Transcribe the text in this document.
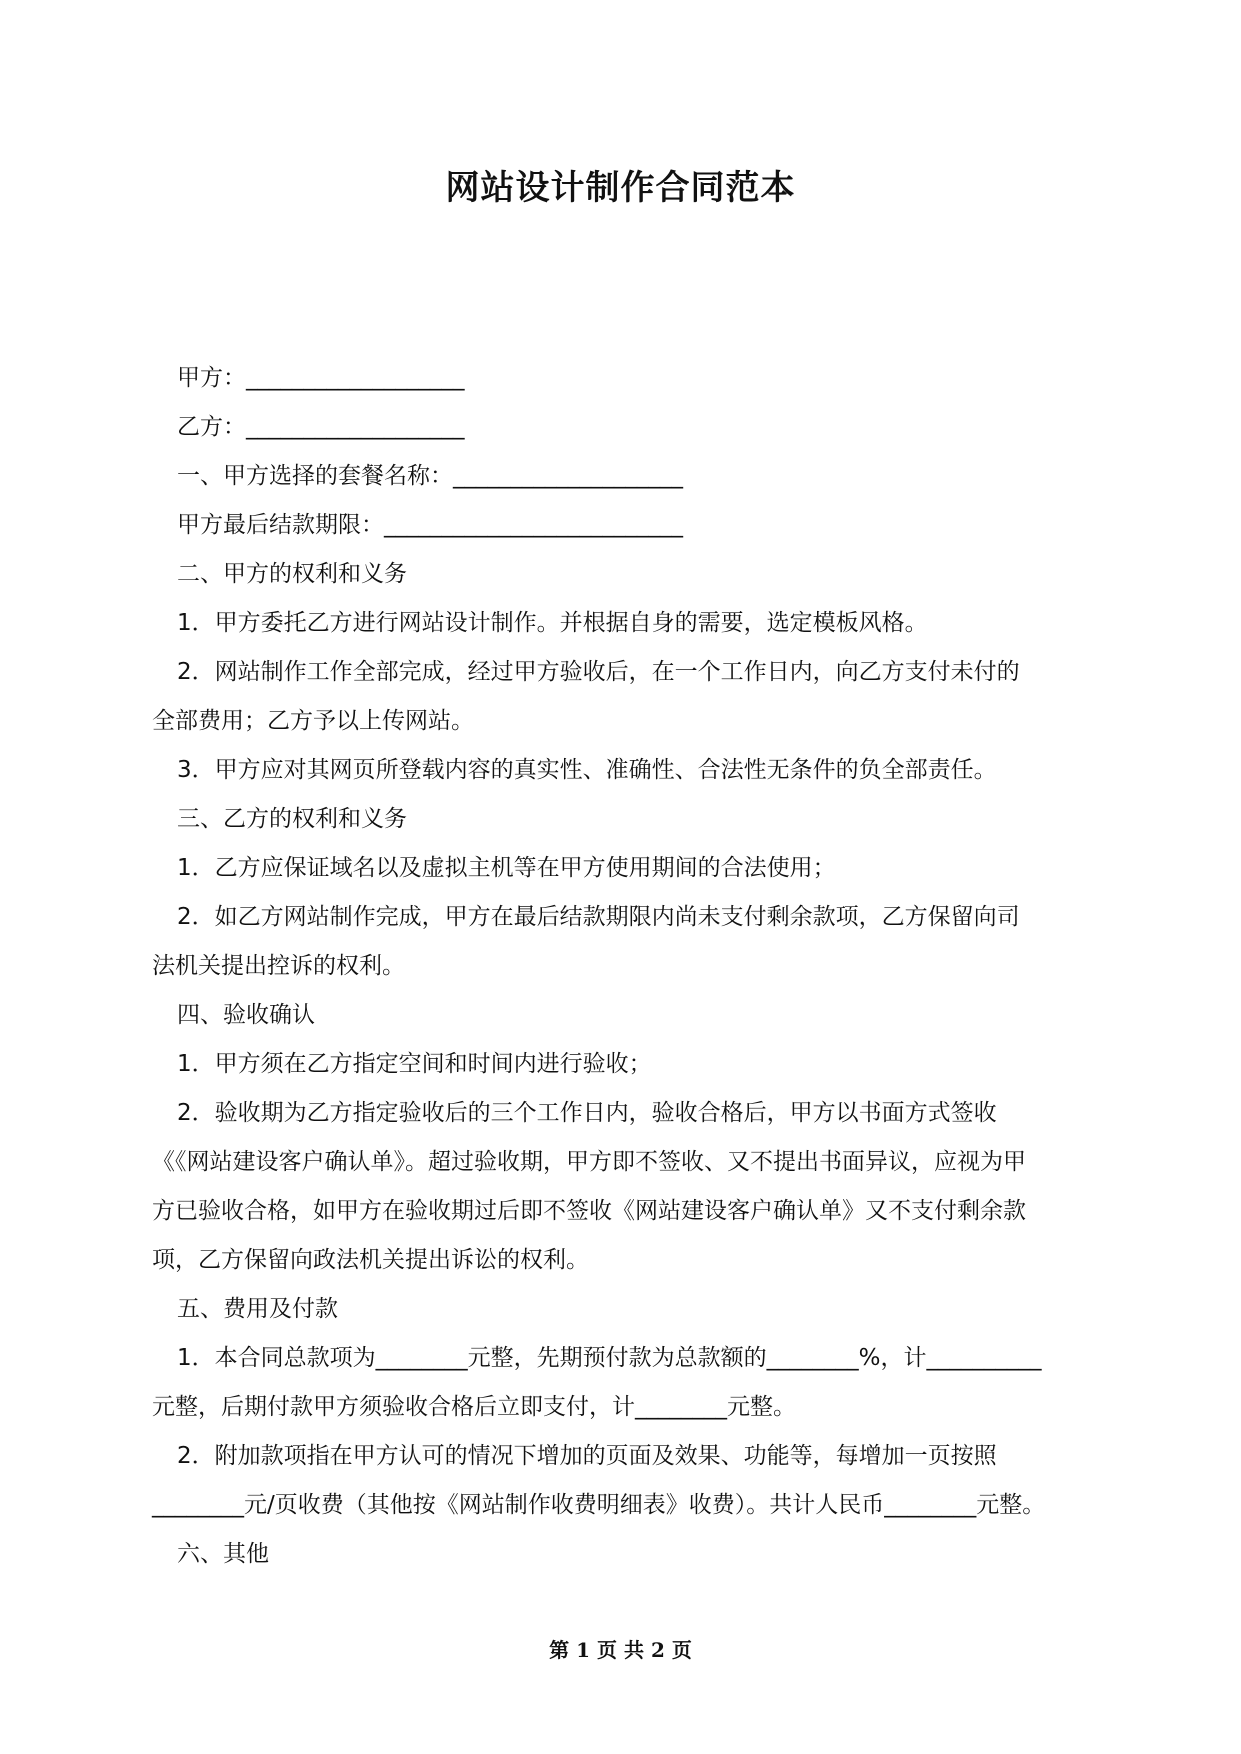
网站设计制作合同范本
甲方：___________________
乙方：___________________
一、甲方选择的套餐名称：____________________
甲方最后结款期限：__________________________
二、甲方的权利和义务
1．甲方委托乙方进行网站设计制作。并根据自身的需要，选定模板风格。
2．网站制作工作全部完成，经过甲方验收后，在一个工作日内，向乙方支付未付的
全部费用；乙方予以上传网站。
3．甲方应对其网页所登载内容的真实性、准确性、合法性无条件的负全部责任。
三、乙方的权利和义务
1．乙方应保证域名以及虚拟主机等在甲方使用期间的合法使用；
2．如乙方网站制作完成，甲方在最后结款期限内尚未支付剩余款项，乙方保留向司
法机关提出控诉的权利。
四、验收确认
1．甲方须在乙方指定空间和时间内进行验收；
2．验收期为乙方指定验收后的三个工作日内，验收合格后，甲方以书面方式签收
《《网站建设客户确认单》。超过验收期，甲方即不签收、又不提出书面异议，应视为甲
方已验收合格，如甲方在验收期过后即不签收《网站建设客户确认单》又不支付剩余款
项，乙方保留向政法机关提出诉讼的权利。
五、费用及付款
1．本合同总款项为________元整，先期预付款为总款额的________%，计__________
元整，后期付款甲方须验收合格后立即支付，计________元整。
2．附加款项指在甲方认可的情况下增加的页面及效果、功能等，每增加一页按照
________元/页收费（其他按《网站制作收费明细表》收费）。共计人民币________元整。
六、其他
第 1 页 共 2 页
